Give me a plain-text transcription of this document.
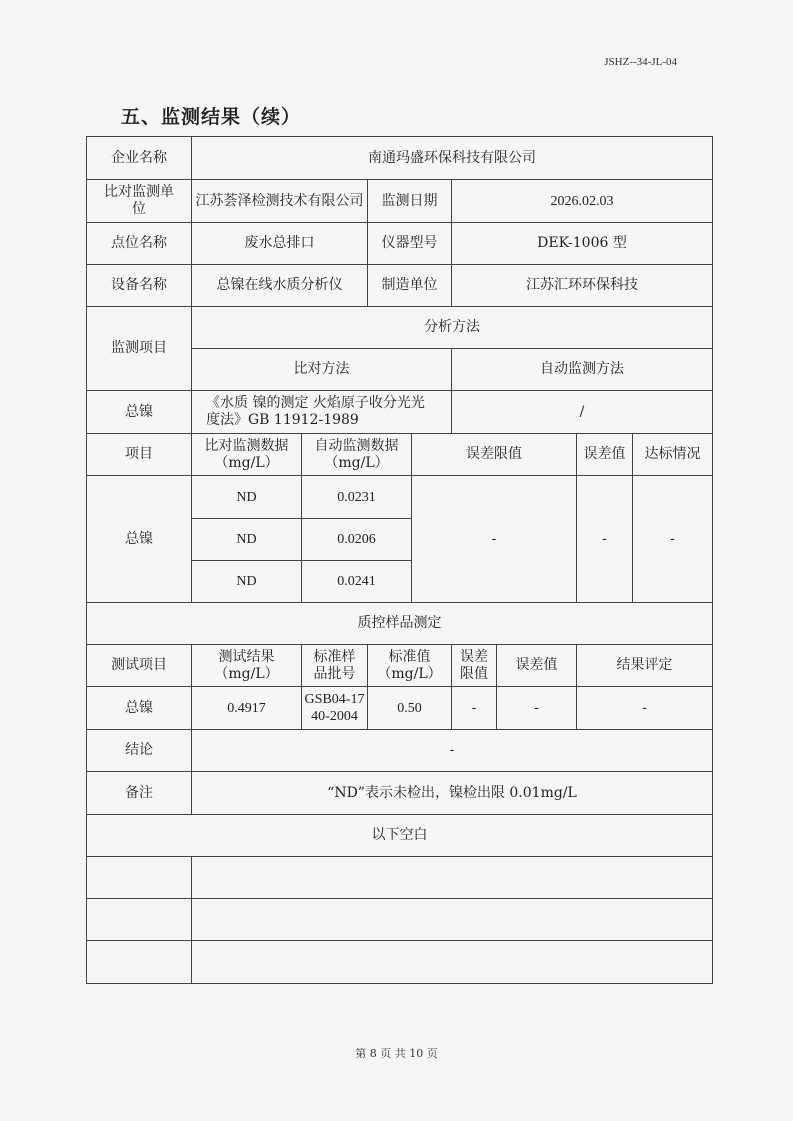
JSHZ--34-JL-04
五、监测结果（续）
企业名称	南通玛盛环保科技有限公司							
比对监测单位	江苏荟泽检测技术有限公司		监测日期		2026.02.03			
点位名称	废水总排口		仪器型号		DEK-1006 型			
设备名称	总镍在线水质分析仪		制造单位		江苏汇环环保科技			
监测项目	分析方法							
	比对方法				自动监测方法			
总镍	《水质 镍的测定 火焰原子收分光光度法》GB 11912-1989				/			
项目	比对监测数据（mg/L）	自动监测数据（mg/L）		误差限值			误差值	达标情况
总镍	ND	0.0231		-			-	-
	ND	0.0206						
	ND	0.0241						
质控样品测定								
测试项目	测试结果（mg/L）	标准样品批号	标准值（mg/L）		误差限值	误差值	结果评定	
总镍	0.4917	GSB04-1740-2004	0.50		-	-	-	
结论	-							
备注	“ND”表示未检出，镍检出限 0.01mg/L							
以下空白								

第 8 页 共 10 页
